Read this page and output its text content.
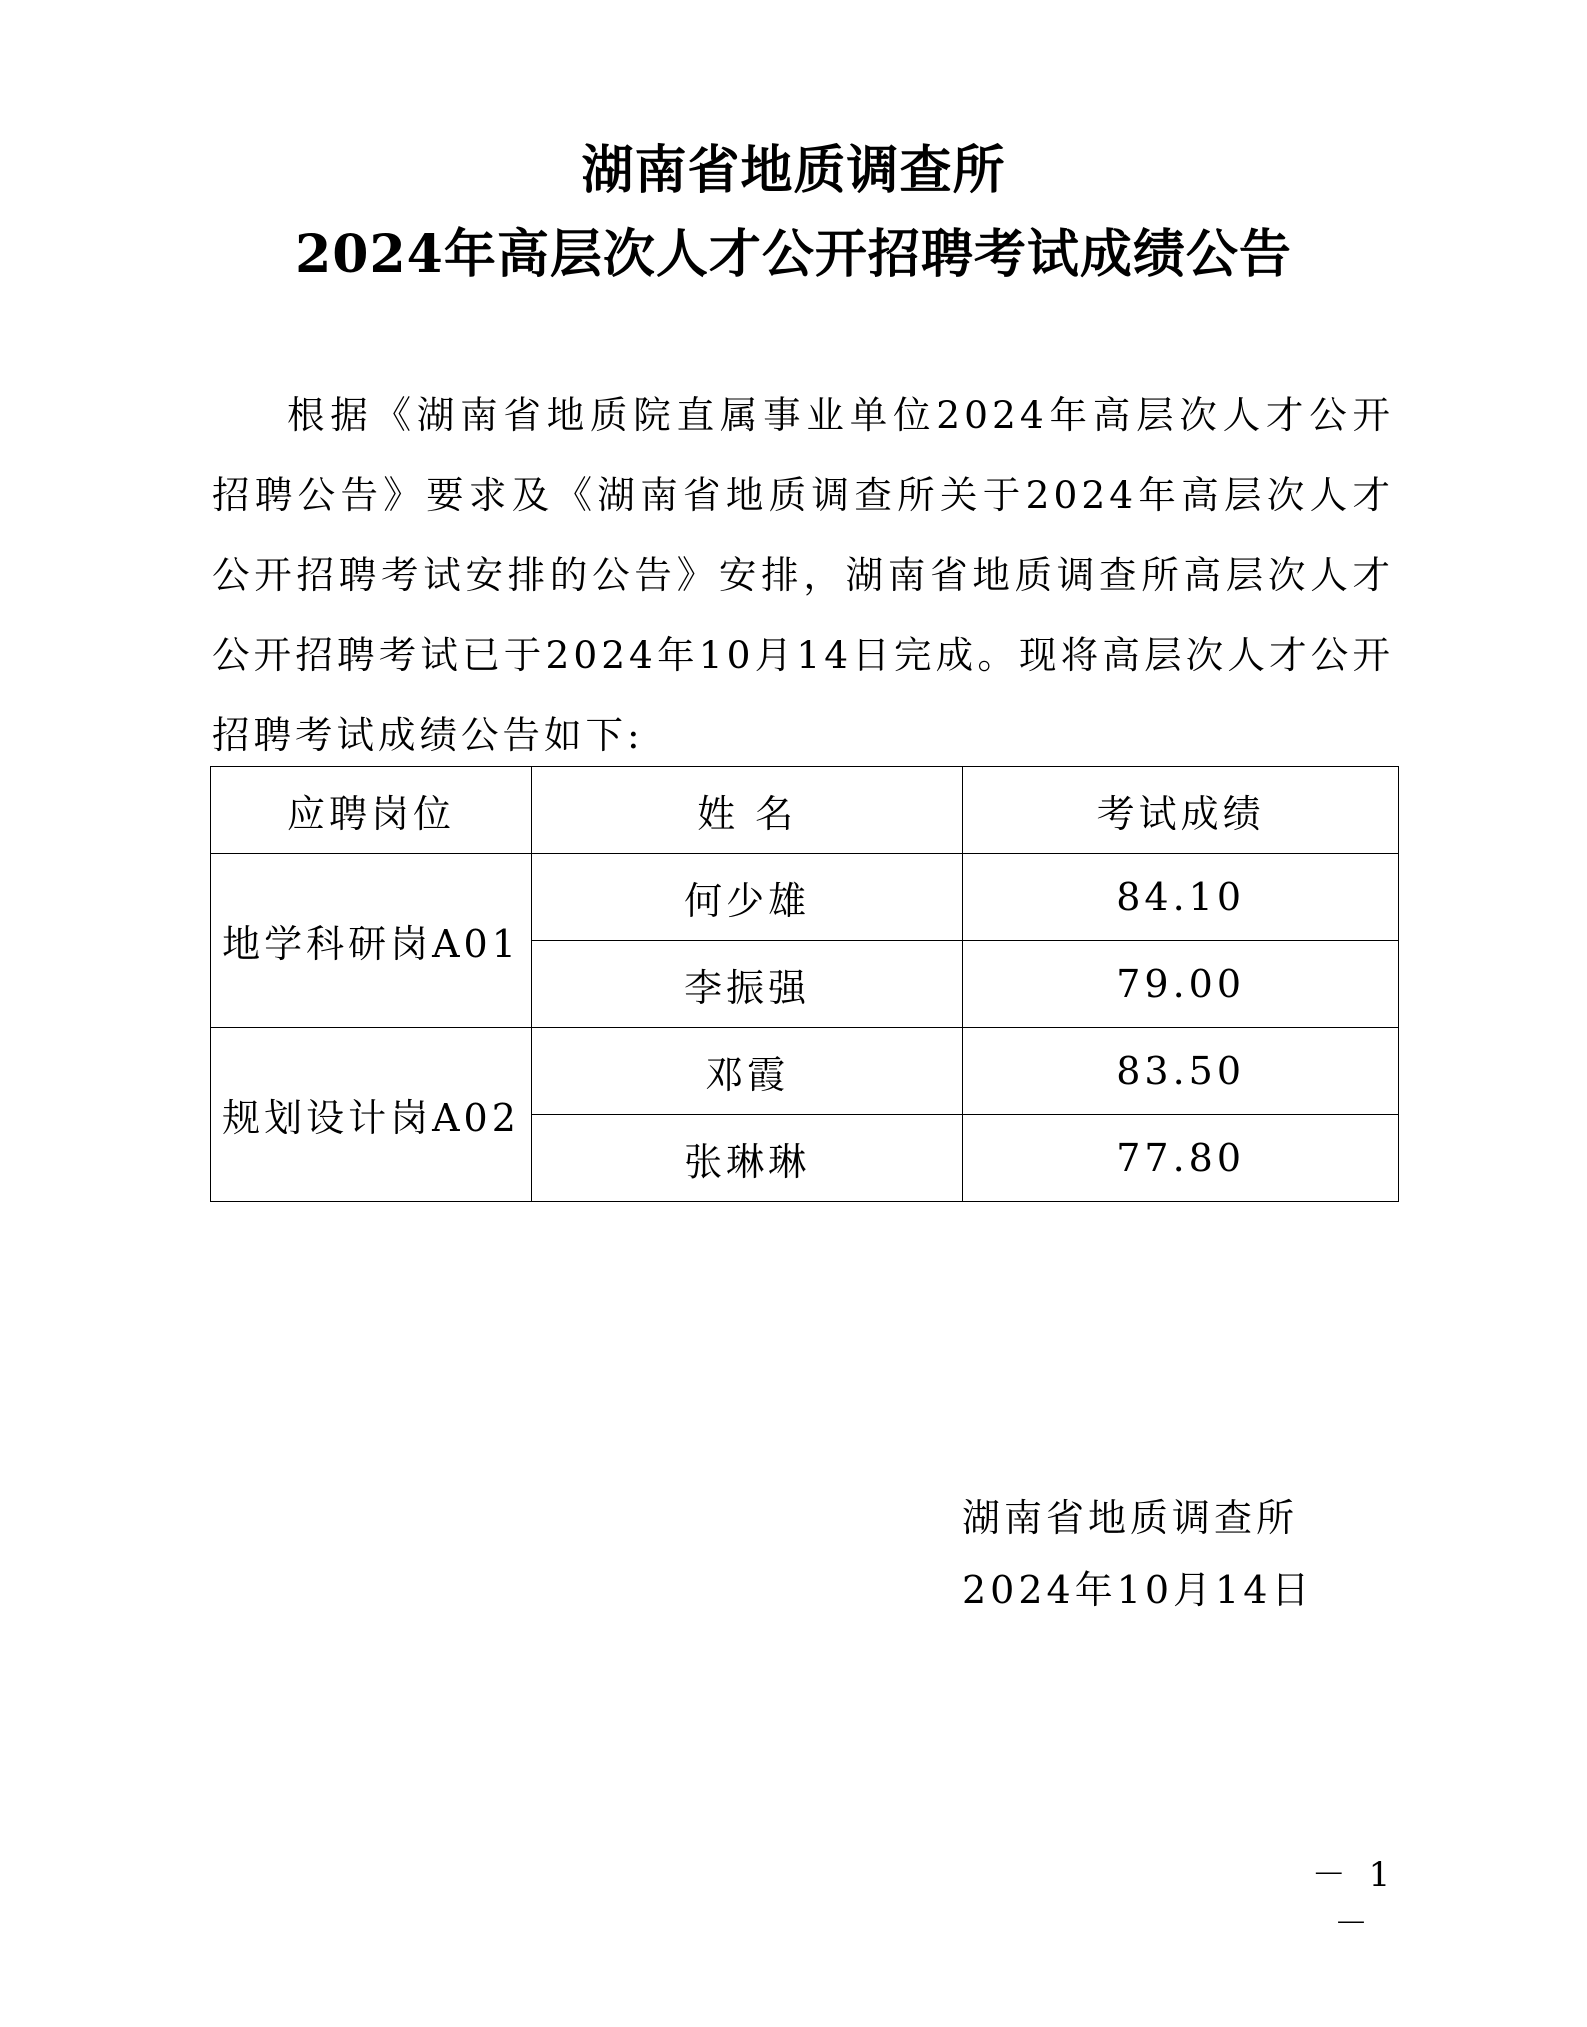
湖南省地质调查所
2024年高层次人才公开招聘考试成绩公告

根据《湖南省地质院直属事业单位2024年高层次人才公开招聘公告》要求及《湖南省地质调查所关于2024年高层次人才公开招聘考试安排的公告》安排，湖南省地质调查所高层次人才公开招聘考试已于2024年10月14日完成。现将高层次人才公开招聘考试成绩公告如下:

应聘岗位	姓 名	考试成绩
地学科研岗A01	何少雄	84.10
	李振强	79.00
规划设计岗A02	邓霞	83.50
	张琳琳	77.80

湖南省地质调查所

2024年10月14日

－ 1 －
